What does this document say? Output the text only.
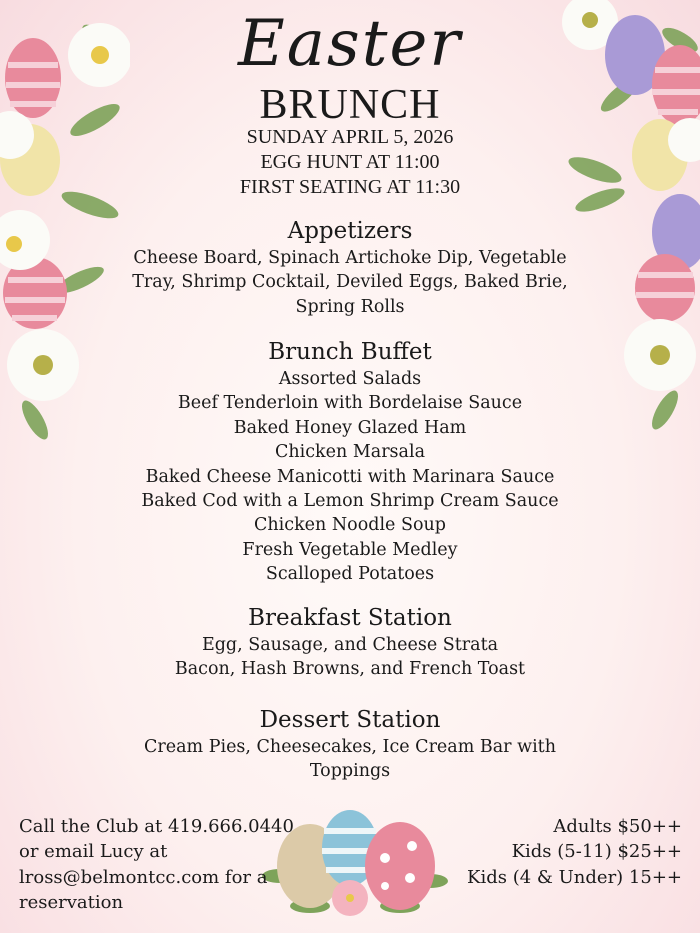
Easter
BRUNCH
SUNDAY APRIL 5, 2026
EGG HUNT AT 11:00
FIRST SEATING AT 11:30
Appetizers
Cheese Board, Spinach Artichoke Dip, Vegetable
Tray, Shrimp Cocktail, Deviled Eggs, Baked Brie,
Spring Rolls
Brunch Buffet
Assorted Salads
Beef Tenderloin with Bordelaise Sauce
Baked Honey Glazed Ham
Chicken Marsala
Baked Cheese Manicotti with Marinara Sauce
Baked Cod with a Lemon Shrimp Cream Sauce
Chicken Noodle Soup
Fresh Vegetable Medley
Scalloped Potatoes
Breakfast Station
Egg, Sausage, and Cheese Strata
Bacon, Hash Browns, and French Toast
Dessert Station
Cream Pies, Cheesecakes, Ice Cream Bar with
Toppings
Call the Club at 419.666.0440
or email Lucy at
lross@belmontcc.com for a
reservation
Adults $50++
Kids (5-11) $25++
Kids (4 & Under) 15++
